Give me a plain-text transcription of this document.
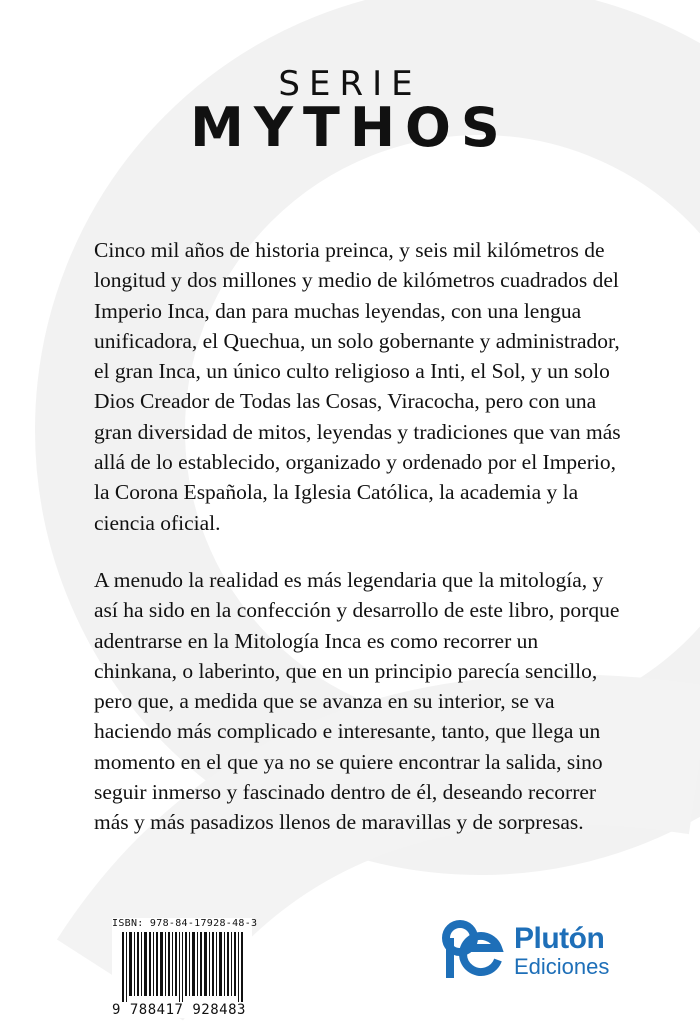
SERIE
MYTHOS

Cinco mil años de historia preinca, y seis mil kilómetros de longitud y dos millones y medio de kilómetros cuadrados del Imperio Inca, dan para muchas leyendas, con una lengua unificadora, el Quechua, un solo gobernante y administrador, el gran Inca, un único culto religioso a Inti, el Sol, y un solo Dios Creador de Todas las Cosas, Viracocha, pero con una gran diversidad de mitos, leyendas y tradiciones que van más allá de lo establecido, organizado y ordenado por el Imperio, la Corona Española, la Iglesia Católica, la academia y la ciencia oficial.

A menudo la realidad es más legendaria que la mitología, y así ha sido en la confección y desarrollo de este libro, porque adentrarse en la Mitología Inca es como recorrer un chinkana, o laberinto, que en un principio parecía sencillo, pero que, a medida que se avanza en su interior, se va haciendo más complicado e interesante, tanto, que llega un momento en el que ya no se quiere encontrar la salida, sino seguir inmerso y fascinado dentro de él, deseando recorrer más y más pasadizos llenos de maravillas y de sorpresas.

ISBN: 978-84-17928-48-3
9 788417 928483
Plutón
Ediciones
